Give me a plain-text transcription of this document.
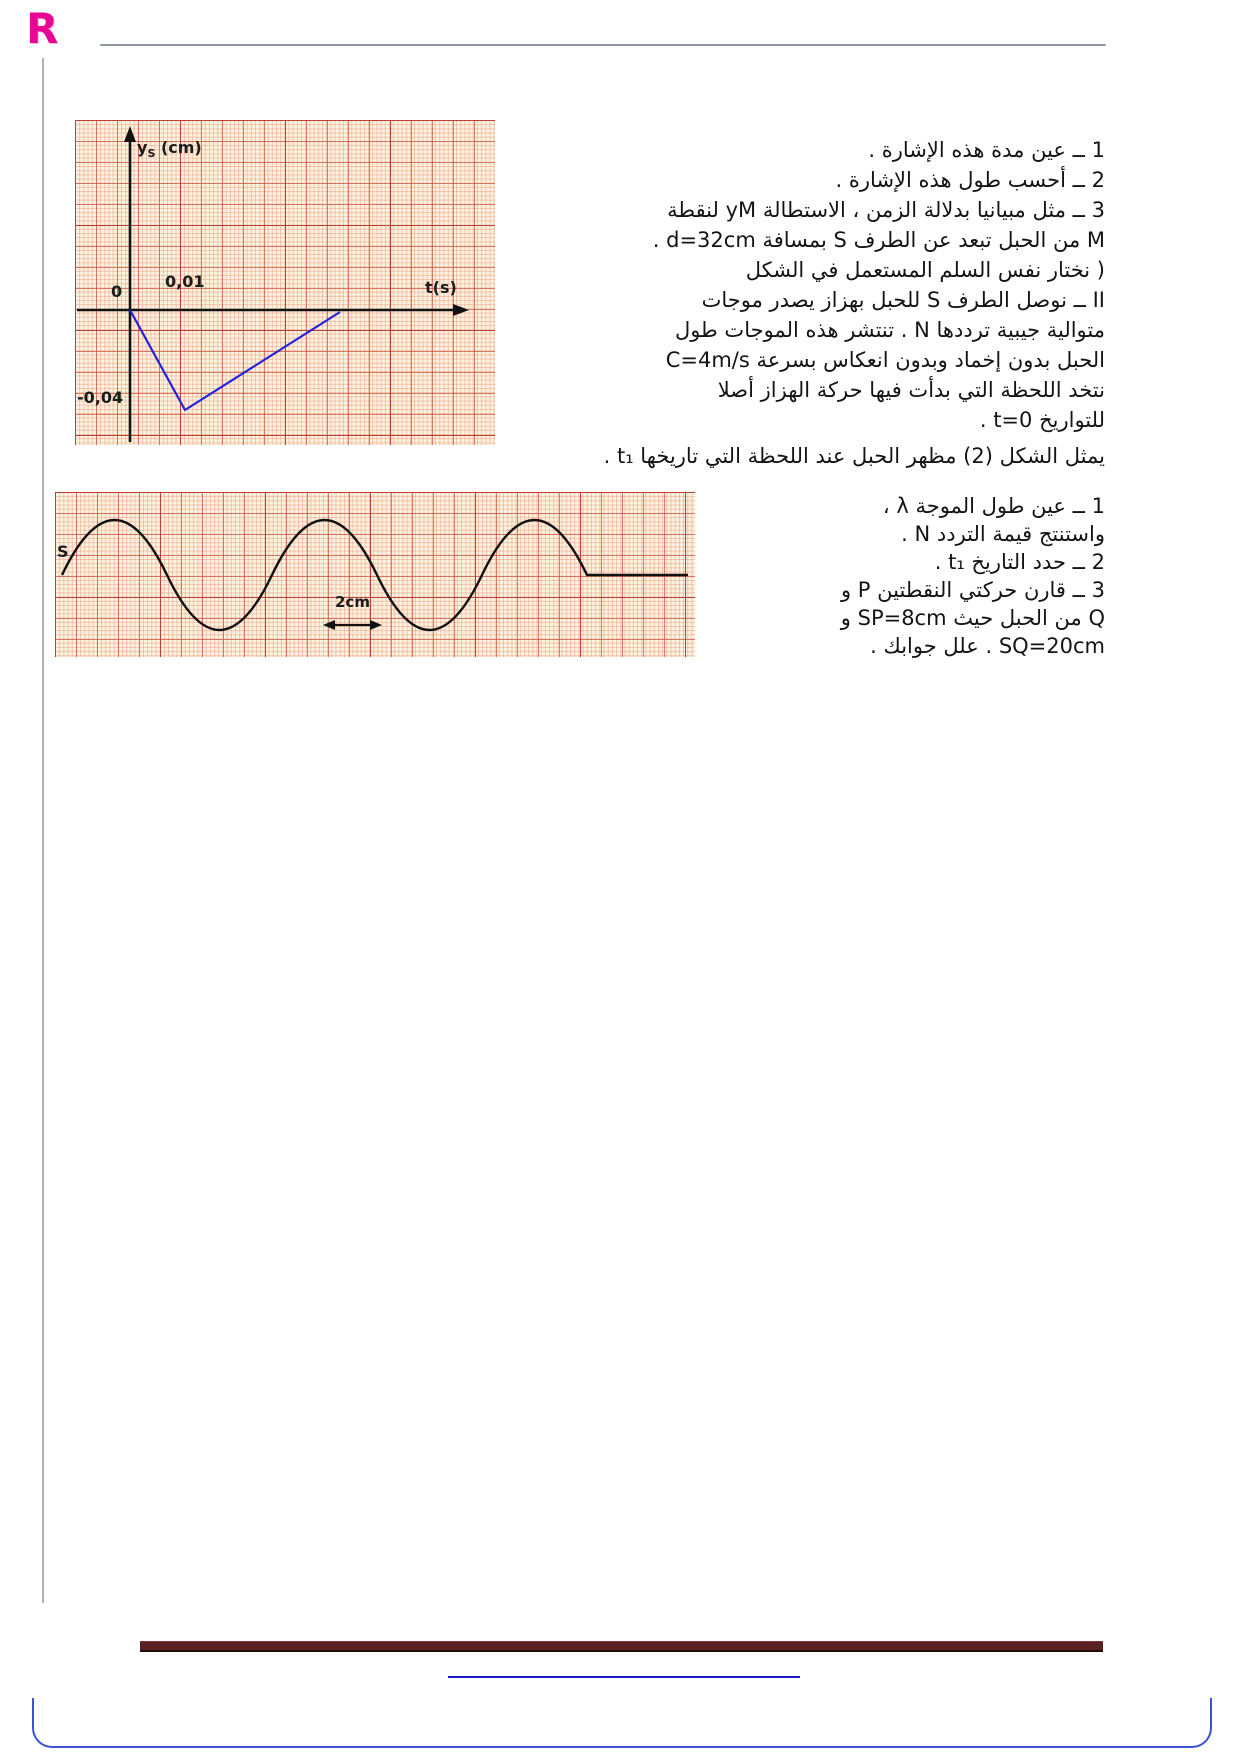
R
$y_S$ (cm)
t(s)
0
0,01
-0,04
S
2cm
1 ــ عين مدة هذه الإشارة .
2 ــ أحسب طول هذه الإشارة .
3 ــ مثل مبيانيا بدلالة الزمن ، الاستطالة yM لنقطة
M من الحبل تبعد عن الطرف S بمسافة d=32cm .
( نختار نفس السلم المستعمل في الشكل
II ــ نوصل الطرف S للحبل بهزاز يصدر موجات
متوالية جيبية ترددها N . تنتشر هذه الموجات طول
الحبل بدون إخماد وبدون انعكاس بسرعة C=4m/s
نتخد اللحظة التي بدأت فيها حركة الهزاز أصلا
للتواريخ t=0 .
يمثل الشكل (2) مظهر الحبل عند اللحظة التي تاريخها t₁ .
1 ــ عين طول الموجة λ ،
واستنتج قيمة التردد N .
2 ــ حدد التاريخ t₁ .
3 ــ قارن حركتي النقطتين P و
Q من الحبل حيث SP=8cm و
SQ=20cm . علل جوابك .
